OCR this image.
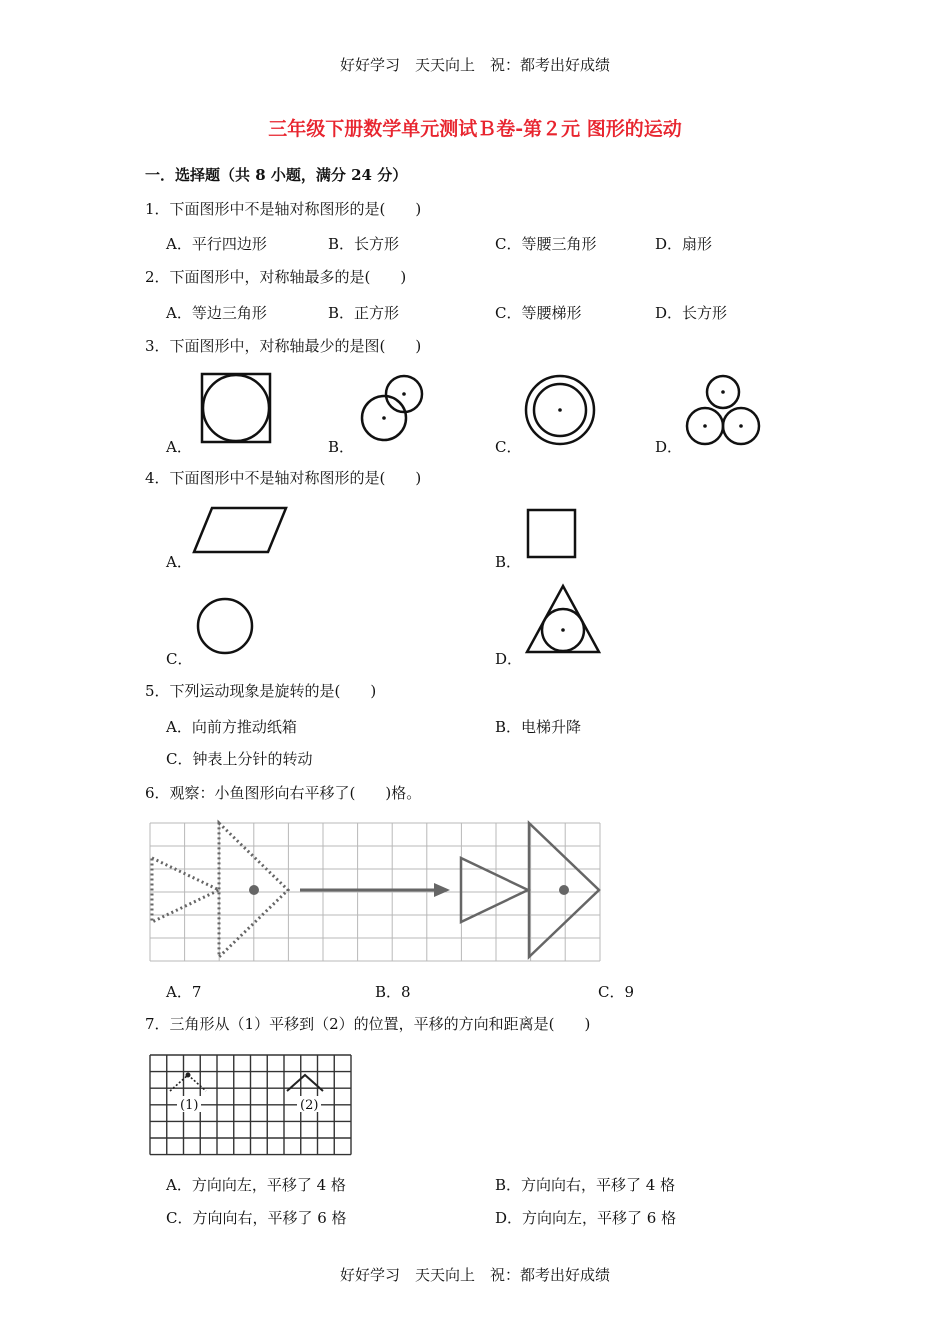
好好学习　天天向上　祝：都考出好成绩
三年级下册数学单元测试Ｂ卷-第２元 图形的运动
一．选择题（共 8 小题，满分 24 分）
1．下面图形中不是轴对称图形的是(　　)
A．平行四边形	B．长方形	C．等腰三角形	D．扇形
2．下面图形中，对称轴最多的是(　　)
A．等边三角形	B．正方形	C．等腰梯形	D．长方形
3．下面图形中，对称轴最少的是图(　　)
A．	B．	C．	D．
4．下面图形中不是轴对称图形的是(　　)
A．	B．
C．	D．
5．下列运动现象是旋转的是(　　)
A．向前方推动纸箱	B．电梯升降
C．钟表上分针的转动
6．观察：小鱼图形向右平移了(　　)格。
A．7	B．8	C．9
7．三角形从（1）平移到（2）的位置，平移的方向和距离是(　　)
(1)	(2)
A．方向向左，平移了 4 格	B．方向向右，平移了 4 格
C．方向向右，平移了 6 格	D．方向向左，平移了 6 格
好好学习　天天向上　祝：都考出好成绩
